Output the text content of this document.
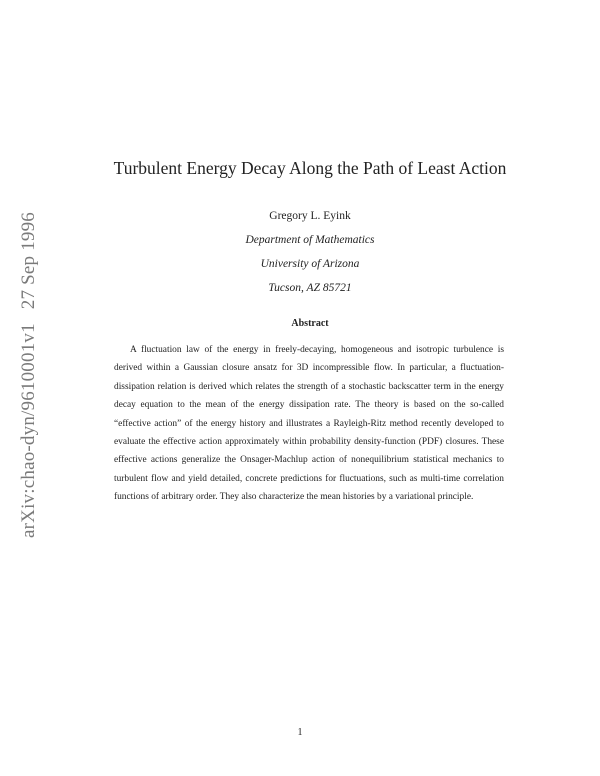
arXiv:chao-dyn/9610001v127 Sep 1996
Turbulent Energy Decay Along the Path of Least Action
Gregory L. Eyink
Department of Mathematics
University of Arizona
Tucson, AZ 85721
Abstract
A fluctuation law of the energy in freely-decaying, homogeneous and isotropic turbulence is derived within a Gaussian closure ansatz for 3D incompressible flow. In particular, a fluctuation-dissipation relation is derived which relates the strength of a stochastic backscatter term in the energy decay equation to the mean of the energy dissipation rate. The theory is based on the so-called “effective action” of the energy history and illustrates a Rayleigh-Ritz method recently developed to evaluate the effective action approximately within probability density-function (PDF) closures. These effective actions generalize the Onsager-Machlup action of nonequilibrium statistical mechanics to turbulent flow and yield detailed, concrete predictions for fluctuations, such as multi-time correlation functions of arbitrary order. They also characterize the mean histories by a variational principle.
1
